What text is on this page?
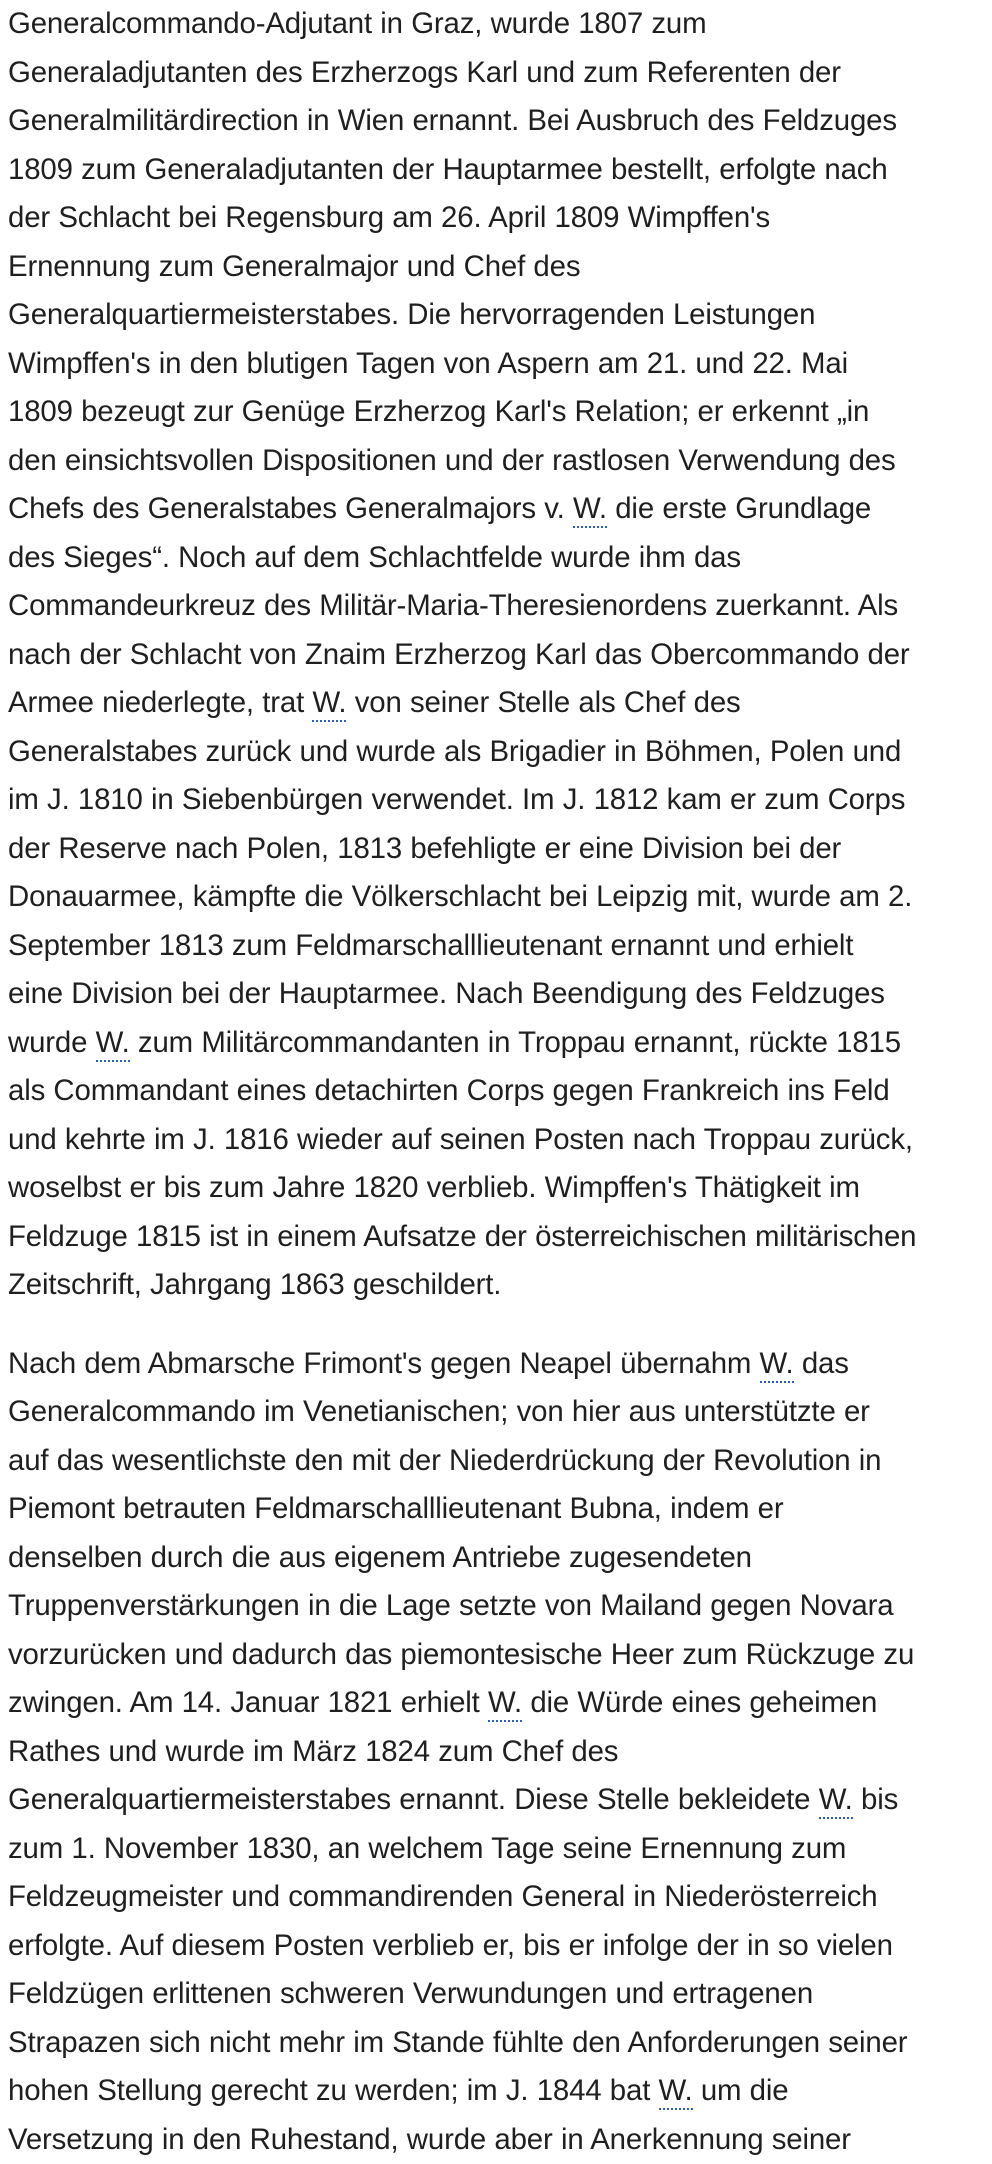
Generalcommando-Adjutant in Graz, wurde 1807 zum
Generaladjutanten des Erzherzogs Karl und zum Referenten der
Generalmilitärdirection in Wien ernannt. Bei Ausbruch des Feldzuges
1809 zum Generaladjutanten der Hauptarmee bestellt, erfolgte nach
der Schlacht bei Regensburg am 26. April 1809 Wimpffen's
Ernennung zum Generalmajor und Chef des
Generalquartiermeisterstabes. Die hervorragenden Leistungen
Wimpffen's in den blutigen Tagen von Aspern am 21. und 22. Mai
1809 bezeugt zur Genüge Erzherzog Karl's Relation; er erkennt „in
den einsichtsvollen Dispositionen und der rastlosen Verwendung des
Chefs des Generalstabes Generalmajors v. W. die erste Grundlage
des Sieges“. Noch auf dem Schlachtfelde wurde ihm das
Commandeurkreuz des Militär-Maria-Theresienordens zuerkannt. Als
nach der Schlacht von Znaim Erzherzog Karl das Obercommando der
Armee niederlegte, trat W. von seiner Stelle als Chef des
Generalstabes zurück und wurde als Brigadier in Böhmen, Polen und
im J. 1810 in Siebenbürgen verwendet. Im J. 1812 kam er zum Corps
der Reserve nach Polen, 1813 befehligte er eine Division bei der
Donauarmee, kämpfte die Völkerschlacht bei Leipzig mit, wurde am 2.
September 1813 zum Feldmarschalllieutenant ernannt und erhielt
eine Division bei der Hauptarmee. Nach Beendigung des Feldzuges
wurde W. zum Militärcommandanten in Troppau ernannt, rückte 1815
als Commandant eines detachirten Corps gegen Frankreich ins Feld
und kehrte im J. 1816 wieder auf seinen Posten nach Troppau zurück,
woselbst er bis zum Jahre 1820 verblieb. Wimpffen's Thätigkeit im
Feldzuge 1815 ist in einem Aufsatze der österreichischen militärischen
Zeitschrift, Jahrgang 1863 geschildert.
Nach dem Abmarsche Frimont's gegen Neapel übernahm W. das
Generalcommando im Venetianischen; von hier aus unterstützte er
auf das wesentlichste den mit der Niederdrückung der Revolution in
Piemont betrauten Feldmarschalllieutenant Bubna, indem er
denselben durch die aus eigenem Antriebe zugesendeten
Truppenverstärkungen in die Lage setzte von Mailand gegen Novara
vorzurücken und dadurch das piemontesische Heer zum Rückzuge zu
zwingen. Am 14. Januar 1821 erhielt W. die Würde eines geheimen
Rathes und wurde im März 1824 zum Chef des
Generalquartiermeisterstabes ernannt. Diese Stelle bekleidete W. bis
zum 1. November 1830, an welchem Tage seine Ernennung zum
Feldzeugmeister und commandirenden General in Niederösterreich
erfolgte. Auf diesem Posten verblieb er, bis er infolge der in so vielen
Feldzügen erlittenen schweren Verwundungen und ertragenen
Strapazen sich nicht mehr im Stande fühlte den Anforderungen seiner
hohen Stellung gerecht zu werden; im J. 1844 bat W. um die
Versetzung in den Ruhestand, wurde aber in Anerkennung seiner
